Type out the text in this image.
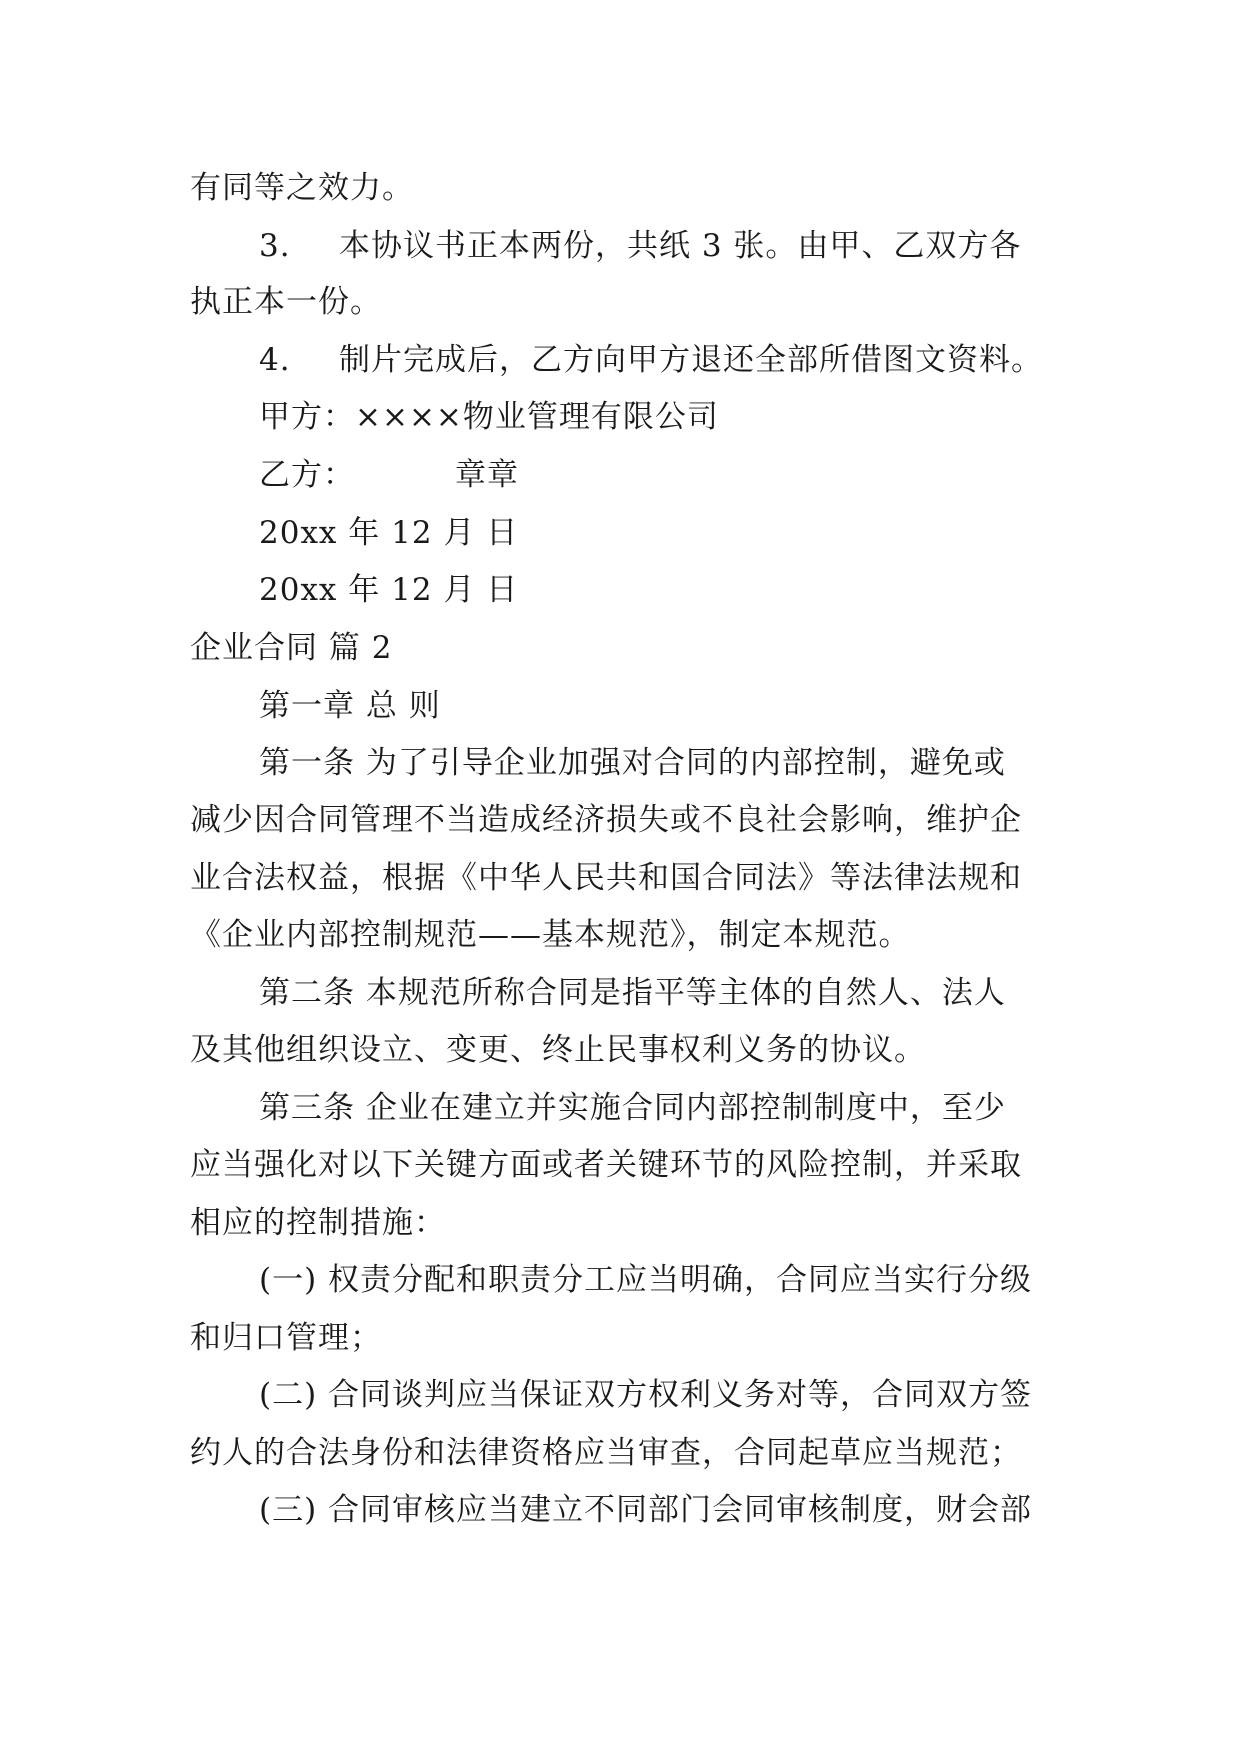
有同等之效力。
3. 本协议书正本两份，共纸 3 张。由甲、乙双方各
执正本一份。
4. 制片完成后，乙方向甲方退还全部所借图文资料。
甲方：××××物业管理有限公司
乙方：	章章
20xx 年 12 月 日
20xx 年 12 月 日
企业合同 篇 2
第一章 总 则
第一条 为了引导企业加强对合同的内部控制，避免或
减少因合同管理不当造成经济损失或不良社会影响，维护企
业合法权益，根据《中华人民共和国合同法》等法律法规和
《企业内部控制规范——基本规范》，制定本规范。
第二条 本规范所称合同是指平等主体的自然人、法人
及其他组织设立、变更、终止民事权利义务的协议。
第三条 企业在建立并实施合同内部控制制度中，至少
应当强化对以下关键方面或者关键环节的风险控制，并采取
相应的控制措施：
(一) 权责分配和职责分工应当明确，合同应当实行分级
和归口管理；
(二) 合同谈判应当保证双方权利义务对等，合同双方签
约人的合法身份和法律资格应当审查，合同起草应当规范；
(三) 合同审核应当建立不同部门会同审核制度，财会部
